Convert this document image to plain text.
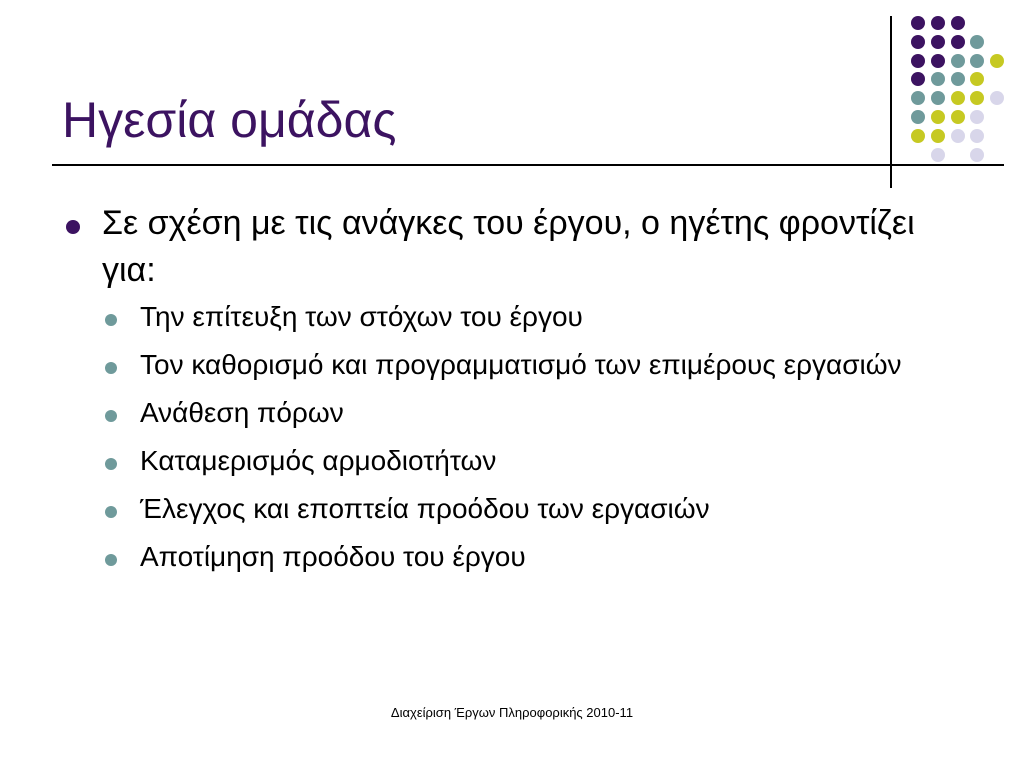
Ηγεσία ομάδας
Σε σχέση με τις ανάγκες του έργου, ο ηγέτης φροντίζει για:
Την επίτευξη των στόχων του έργου
Τον καθορισμό και προγραμματισμό των επιμέρους εργασιών
Ανάθεση πόρων
Καταμερισμός αρμοδιοτήτων
Έλεγχος και εποπτεία προόδου των εργασιών
Αποτίμηση προόδου του έργου
Διαχείριση Έργων Πληροφορικής 2010-11
